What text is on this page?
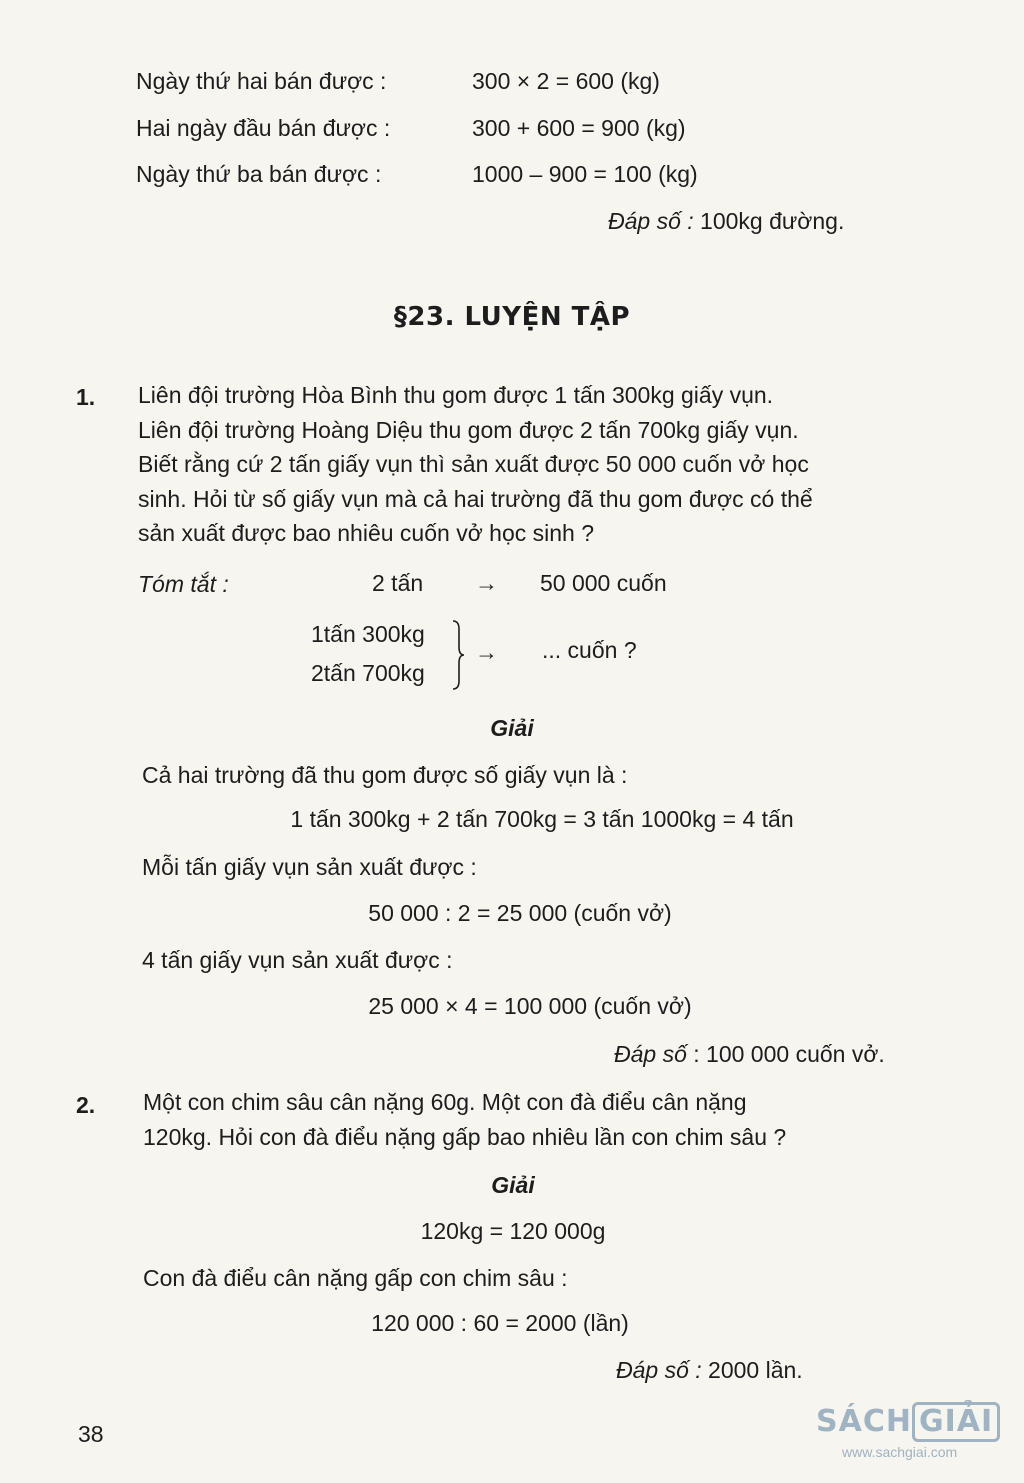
Ngày thứ hai bán được :	300 × 2 = 600 (kg)
Hai ngày đầu bán được :	300 + 600 = 900 (kg)
Ngày thứ ba bán được :	1000 – 900 = 100 (kg)
Đáp số : 100kg đường.
§23. LUYỆN TẬP
1. Liên đội trường Hòa Bình thu gom được 1 tấn 300kg giấy vụn.
Liên đội trường Hoàng Diệu thu gom được 2 tấn 700kg giấy vụn.
Biết rằng cứ 2 tấn giấy vụn thì sản xuất được 50 000 cuốn vở học
sinh. Hỏi từ số giấy vụn mà cả hai trường đã thu gom được có thể
sản xuất được bao nhiêu cuốn vở học sinh ?
Tóm tắt :	2 tấn → 50 000 cuốn
1tấn 300kg
2tấn 700kg
→ ... cuốn ?
Giải
Cả hai trường đã thu gom được số giấy vụn là :
1 tấn 300kg + 2 tấn 700kg = 3 tấn 1000kg = 4 tấn
Mỗi tấn giấy vụn sản xuất được :
50 000 : 2 = 25 000 (cuốn vở)
4 tấn giấy vụn sản xuất được :
25 000 × 4 = 100 000 (cuốn vở)
Đáp số : 100 000 cuốn vở.
2. Một con chim sâu cân nặng 60g. Một con đà điểu cân nặng
120kg. Hỏi con đà điểu nặng gấp bao nhiêu lần con chim sâu ?
Giải
120kg = 120 000g
Con đà điểu cân nặng gấp con chim sâu :
120 000 : 60 = 2000 (lần)
Đáp số : 2000 lần.
38	SÁCH GIẢI
www.sachgiai.com
